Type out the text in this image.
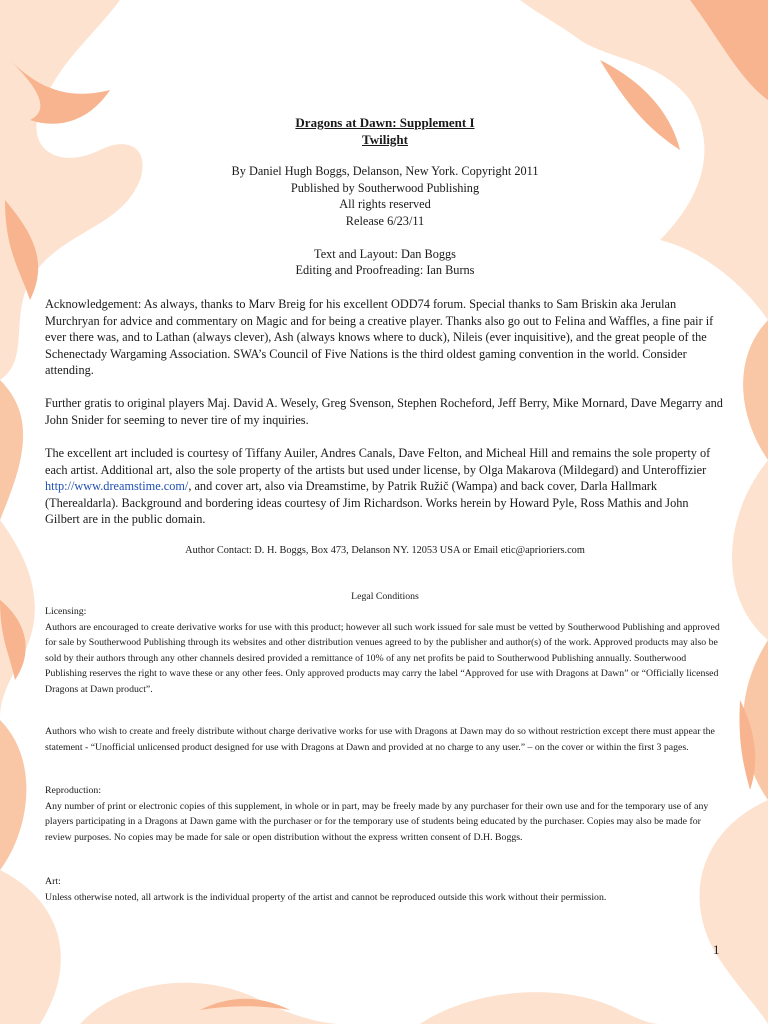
Dragons at Dawn: Supplement I
Twilight
By Daniel Hugh Boggs, Delanson, New York. Copyright 2011
Published by Southerwood Publishing
All rights reserved
Release 6/23/11
Text and Layout: Dan Boggs
Editing and Proofreading: Ian Burns

Acknowledgement: As always, thanks to Marv Breig for his excellent ODD74 forum. Special thanks to Sam Briskin aka Jerulan Murchryan for advice and commentary on Magic and for being a creative player. Thanks also go out to Felina and Waffles, a fine pair if ever there was, and to Lathan (always clever), Ash (always knows where to duck), Nileis (ever inquisitive), and the great people of the Schenectady Wargaming Association. SWA’s Council of Five Nations is the third oldest gaming convention in the world. Consider attending.

Further gratis to original players Maj. David A. Wesely, Greg Svenson, Stephen Rocheford, Jeff Berry, Mike Mornard, Dave Megarry and John Snider for seeming to never tire of my inquiries.

The excellent art included is courtesy of Tiffany Auiler, Andres Canals, Dave Felton, and Micheal Hill and remains the sole property of each artist. Additional art, also the sole property of the artists but used under license, by Olga Makarova (Mildegard) and Unteroffizier http://www.dreamstime.com/, and cover art, also via Dreamstime, by Patrik Ružič (Wampa) and back cover, Darla Hallmark (Therealdarla). Background and bordering ideas courtesy of Jim Richardson. Works herein by Howard Pyle, Ross Mathis and John Gilbert are in the public domain.

Author Contact: D. H. Boggs, Box 473, Delanson NY. 12053 USA or Email etic@aprioriers.com
Legal Conditions

Licensing:

Authors are encouraged to create derivative works for use with this product; however all such work issued for sale must be vetted by Southerwood Publishing and approved for sale by Southerwood Publishing through its websites and other distribution venues agreed to by the publisher and author(s) of the work. Approved products may also be sold by their authors through any other channels desired provided a remittance of 10% of any net profits be paid to Southerwood Publishing annually. Southerwood Publishing reserves the right to wave these or any other fees. Only approved products may carry the label “Approved for use with Dragons at Dawn” or “Officially licensed Dragons at Dawn product”.

Authors who wish to create and freely distribute without charge derivative works for use with Dragons at Dawn may do so without restriction except there must appear the statement - “Unofficial unlicensed product designed for use with Dragons at Dawn and provided at no charge to any user.” – on the cover or within the first 3 pages.

Reproduction:

Any number of print or electronic copies of this supplement, in whole or in part, may be freely made by any purchaser for their own use and for the temporary use of any players participating in a Dragons at Dawn game with the purchaser or for the temporary use of students being educated by the purchaser. Copies may also be made for review purposes. No copies may be made for sale or open distribution without the express written consent of D.H. Boggs.

Art:

Unless otherwise noted, all artwork is the individual property of the artist and cannot be reproduced outside this work without their permission.

1
